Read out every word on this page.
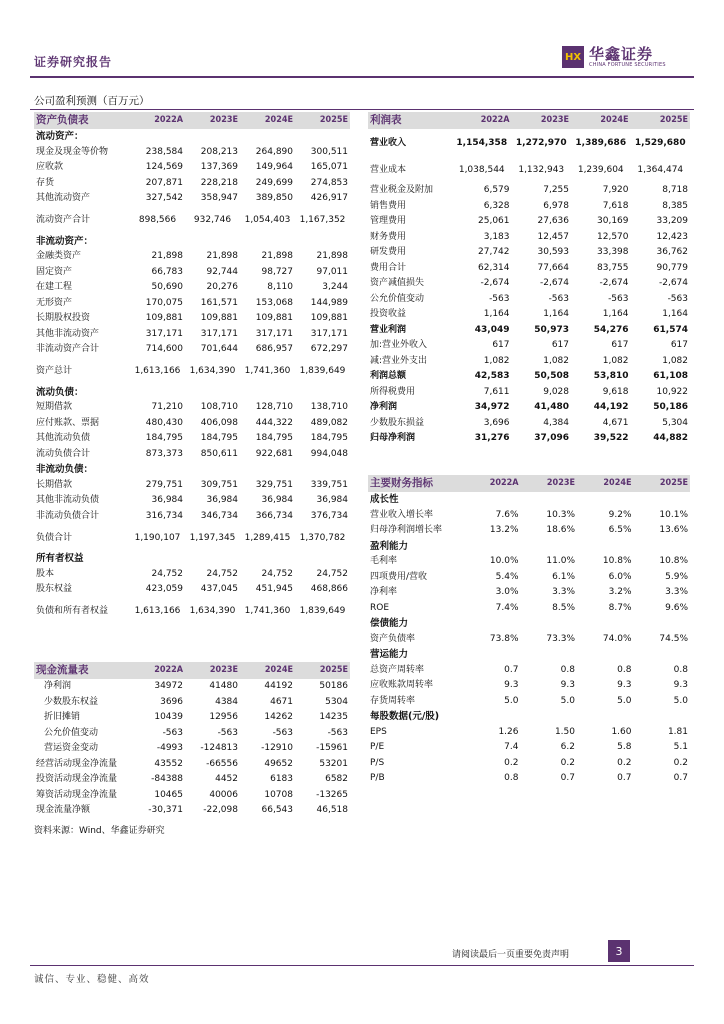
证券研究报告	HX 华鑫证券
CHINA FORTUNE SECURITIES
公司盈利预测（百万元）
资产负债表	2022A	2023E	2024E	2025E
流动资产：				
现金及现金等价物	238,584	208,213	264,890	300,511
应收款	124,569	137,369	149,964	165,071
存货	207,871	228,218	249,699	274,853
其他流动资产	327,542	358,947	389,850	426,917
流动资产合计	898,566	932,746	1,054,403	1,167,352
非流动资产：				
金融类资产	21,898	21,898	21,898	21,898
固定资产	66,783	92,744	98,727	97,011
在建工程	50,690	20,276	8,110	3,244
无形资产	170,075	161,571	153,068	144,989
长期股权投资	109,881	109,881	109,881	109,881
其他非流动资产	317,171	317,171	317,171	317,171
非流动资产合计	714,600	701,644	686,957	672,297
资产总计	1,613,166	1,634,390	1,741,360	1,839,649
流动负债：				
短期借款	71,210	108,710	128,710	138,710
应付账款、票据	480,430	406,098	444,322	489,082
其他流动负债	184,795	184,795	184,795	184,795
流动负债合计	873,373	850,611	922,681	994,048
非流动负债：				
长期借款	279,751	309,751	329,751	339,751
其他非流动负债	36,984	36,984	36,984	36,984
非流动负债合计	316,734	346,734	366,734	376,734
负债合计	1,190,107	1,197,345	1,289,415	1,370,782
所有者权益				
股本	24,752	24,752	24,752	24,752
股东权益	423,059	437,045	451,945	468,866
负债和所有者权益	1,613,166	1,634,390	1,741,360	1,839,649
利润表	2022A	2023E	2024E	2025E
营业收入	1,154,358	1,272,970	1,389,686	1,529,680
营业成本	1,038,544	1,132,943	1,239,604	1,364,474
营业税金及附加	6,579	7,255	7,920	8,718
销售费用	6,328	6,978	7,618	8,385
管理费用	25,061	27,636	30,169	33,209
财务费用	3,183	12,457	12,570	12,423
研发费用	27,742	30,593	33,398	36,762
费用合计	62,314	77,664	83,755	90,779
资产减值损失	-2,674	-2,674	-2,674	-2,674
公允价值变动	-563	-563	-563	-563
投资收益	1,164	1,164	1,164	1,164
营业利润	43,049	50,973	54,276	61,574
加:营业外收入	617	617	617	617
减:营业外支出	1,082	1,082	1,082	1,082
利润总额	42,583	50,508	53,810	61,108
所得税费用	7,611	9,028	9,618	10,922
净利润	34,972	41,480	44,192	50,186
少数股东损益	3,696	4,384	4,671	5,304
归母净利润	31,276	37,096	39,522	44,882
主要财务指标	2022A	2023E	2024E	2025E
成长性				
营业收入增长率	7.6%	10.3%	9.2%	10.1%
归母净利润增长率	13.2%	18.6%	6.5%	13.6%
盈利能力				
毛利率	10.0%	11.0%	10.8%	10.8%
四项费用/营收	5.4%	6.1%	6.0%	5.9%
净利率	3.0%	3.3%	3.2%	3.3%
ROE	7.4%	8.5%	8.7%	9.6%
偿债能力				
资产负债率	73.8%	73.3%	74.0%	74.5%
营运能力				
总资产周转率	0.7	0.8	0.8	0.8
应收账款周转率	9.3	9.3	9.3	9.3
存货周转率	5.0	5.0	5.0	5.0
每股数据(元/股)				
EPS	1.26	1.50	1.60	1.81
P/E	7.4	6.2	5.8	5.1
P/S	0.2	0.2	0.2	0.2
P/B	0.8	0.7	0.7	0.7
现金流量表	2022A	2023E	2024E	2025E
净利润	34972	41480	44192	50186
少数股东权益	3696	4384	4671	5304
折旧摊销	10439	12956	14262	14235
公允价值变动	-563	-563	-563	-563
营运资金变动	-4993	-124813	-12910	-15961
经营活动现金净流量	43552	-66556	49652	53201
投资活动现金净流量	-84388	4452	6183	6582
筹资活动现金净流量	10465	40006	10708	-13265
现金流量净额	-30,371	-22,098	66,543	46,518
资料来源：Wind、华鑫证券研究
请阅读最后一页重要免责声明	3
诚信、专业、稳健、高效
